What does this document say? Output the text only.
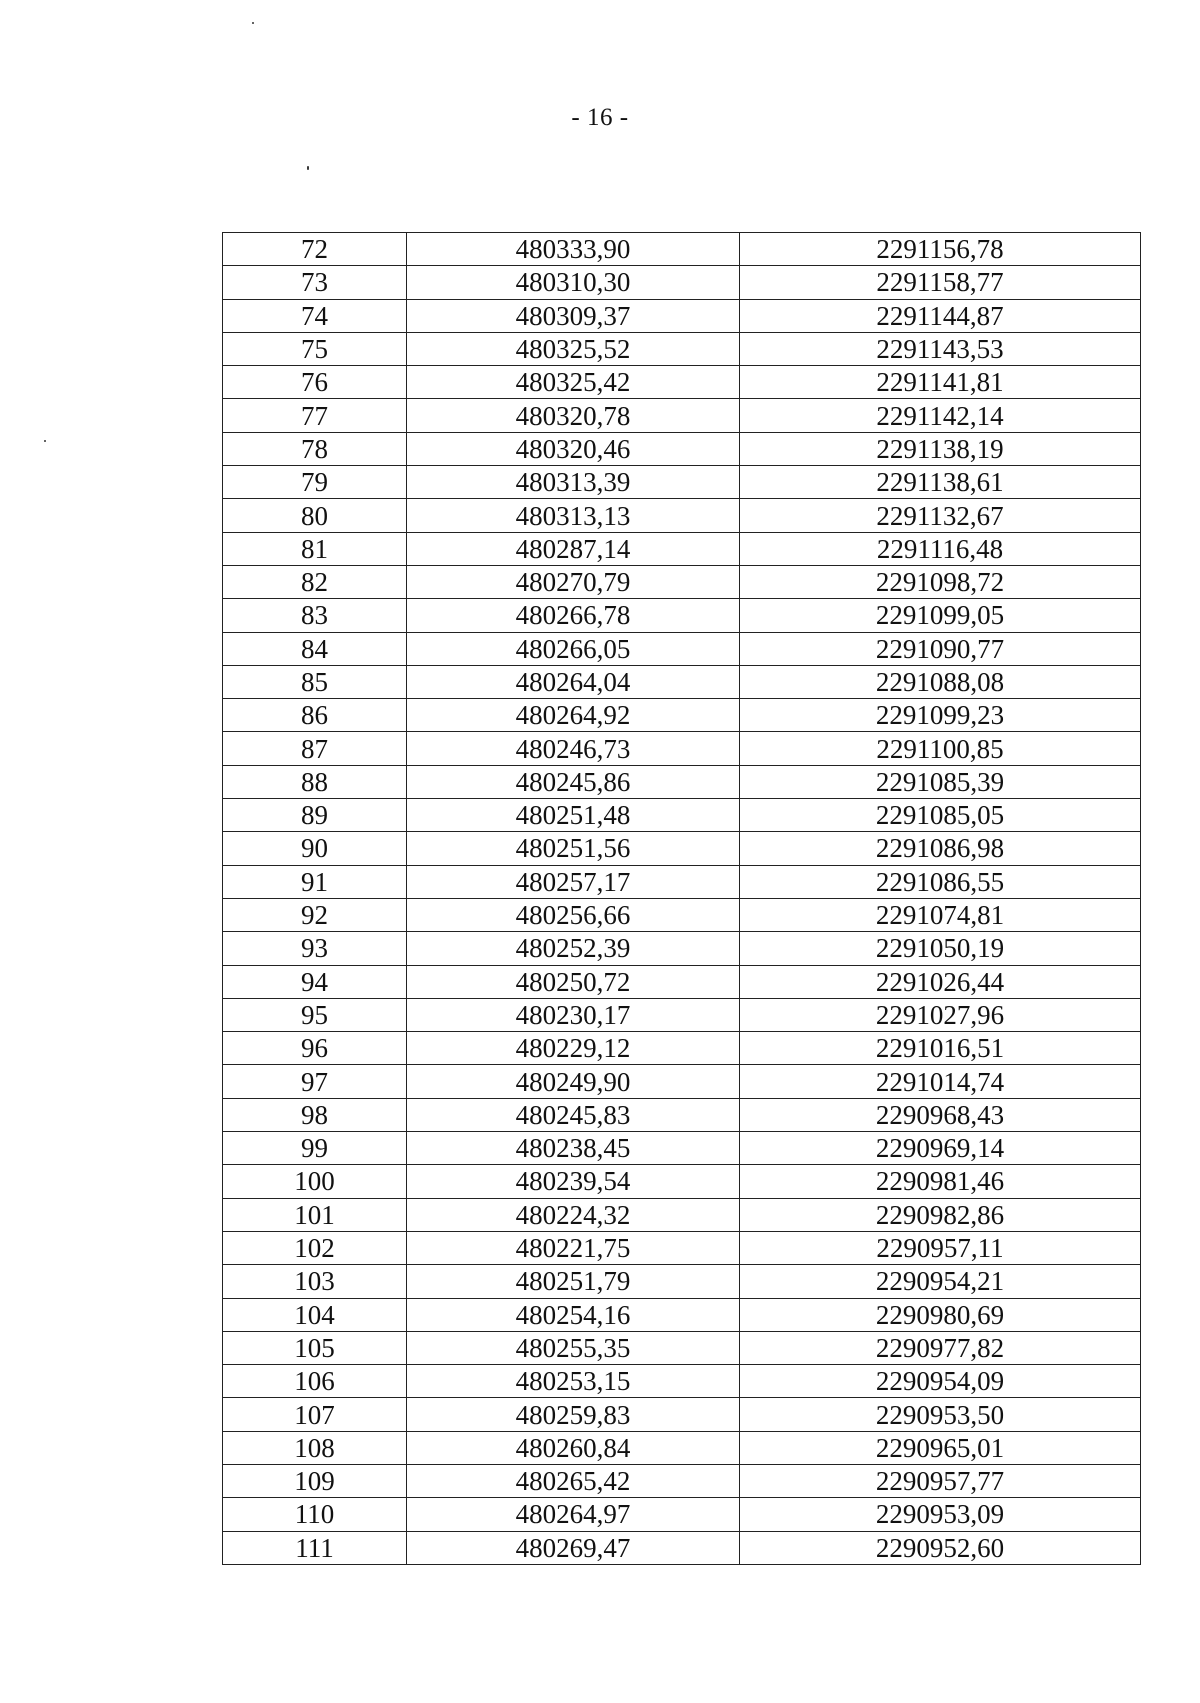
- 16 -
72	480333,90	2291156,78
73	480310,30	2291158,77
74	480309,37	2291144,87
75	480325,52	2291143,53
76	480325,42	2291141,81
77	480320,78	2291142,14
78	480320,46	2291138,19
79	480313,39	2291138,61
80	480313,13	2291132,67
81	480287,14	2291116,48
82	480270,79	2291098,72
83	480266,78	2291099,05
84	480266,05	2291090,77
85	480264,04	2291088,08
86	480264,92	2291099,23
87	480246,73	2291100,85
88	480245,86	2291085,39
89	480251,48	2291085,05
90	480251,56	2291086,98
91	480257,17	2291086,55
92	480256,66	2291074,81
93	480252,39	2291050,19
94	480250,72	2291026,44
95	480230,17	2291027,96
96	480229,12	2291016,51
97	480249,90	2291014,74
98	480245,83	2290968,43
99	480238,45	2290969,14
100	480239,54	2290981,46
101	480224,32	2290982,86
102	480221,75	2290957,11
103	480251,79	2290954,21
104	480254,16	2290980,69
105	480255,35	2290977,82
106	480253,15	2290954,09
107	480259,83	2290953,50
108	480260,84	2290965,01
109	480265,42	2290957,77
110	480264,97	2290953,09
111	480269,47	2290952,60
